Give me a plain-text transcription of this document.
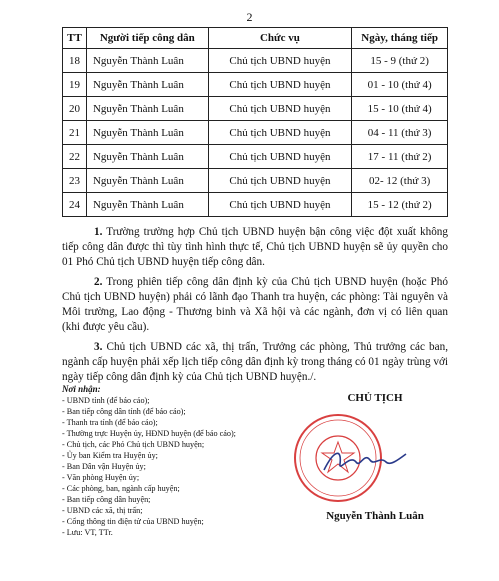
2
TT	Người tiếp công dân	Chức vụ	Ngày, tháng tiếp
18	Nguyễn Thành Luân	Chủ tịch UBND huyện	15 - 9 (thứ 2)
19	Nguyễn Thành Luân	Chủ tịch UBND huyện	01 - 10 (thứ 4)
20	Nguyễn Thành Luân	Chủ tịch UBND huyện	15 - 10 (thứ 4)
21	Nguyễn Thành Luân	Chủ tịch UBND huyện	04 - 11 (thứ 3)
22	Nguyễn Thành Luân	Chủ tịch UBND huyện	17 - 11 (thứ 2)
23	Nguyễn Thành Luân	Chủ tịch UBND huyện	02- 12 (thứ 3)
24	Nguyễn Thành Luân	Chủ tịch UBND huyện	15 - 12 (thứ 2)

1. Trường trường hợp Chủ tịch UBND huyện bận công việc đột xuất không tiếp công dân được thì tùy tình hình thực tế, Chủ tịch UBND huyện sẽ ủy quyền cho 01 Phó Chủ tịch UBND huyện tiếp công dân.

2. Trong phiên tiếp công dân định kỳ của Chủ tịch UBND huyện (hoặc Phó Chủ tịch UBND huyện) phải có lãnh đạo Thanh tra huyện, các phòng: Tài nguyên và Môi trường, Lao động - Thương binh và Xã hội và các ngành, đơn vị có liên quan (khi được yêu cầu).

3. Chủ tịch UBND các xã, thị trấn, Trưởng các phòng, Thủ trưởng các ban, ngành cấp huyện phải xếp lịch tiếp công dân định kỳ trong tháng có 01 ngày trùng với ngày tiếp công dân định kỳ của Chủ tịch UBND huyện./.

Nơi nhận:
- UBND tỉnh (để báo cáo);
- Ban tiếp công dân tỉnh (để báo cáo);
- Thanh tra tỉnh (để báo cáo);
- Thường trực Huyện ủy, HĐND huyện (để báo cáo);
- Chủ tịch, các Phó Chủ tịch UBND huyện;
- Ủy ban Kiểm tra Huyện ủy;
- Ban Dân vận Huyện ủy;
- Văn phòng Huyện ủy;
- Các phòng, ban, ngành cấp huyện;
- Ban tiếp công dân huyện;
- UBND các xã, thị trấn;
- Cổng thông tin điện tử của UBND huyện;
- Lưu: VT, TTr.
CHỦ TỊCH
Nguyễn Thành Luân
